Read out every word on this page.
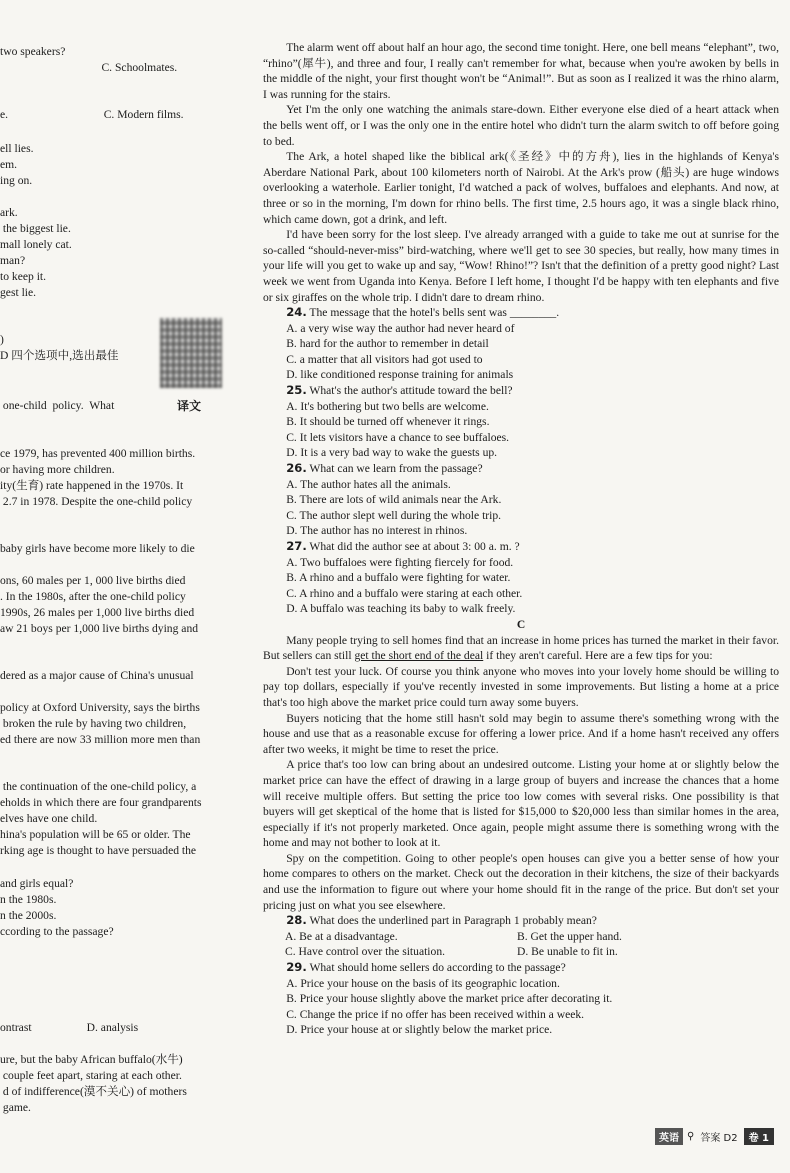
two speakers?
C. Schoolmates.
e.                                 C. Modern films.
ell lies.
em.
ing on.
ark.
the biggest lie.
mall lonely cat.
man?
to keep it.
gest lie.
)
D 四个选项中,选出最佳
one-child  policy.  What
ce 1979, has prevented 400 million births.
or having more children.
ity(生育) rate happened in the 1970s. It
2.7 in 1978. Despite the one-child policy
baby girls have become more likely to die
ons, 60 males per 1, 000 live births died
. In the 1980s, after the one-child policy
1990s, 26 males per 1,000 live births died
aw 21 boys per 1,000 live births dying and
dered as a major cause of China's unusual
policy at Oxford University, says the births
broken the rule by having two children,
ed there are now 33 million more men than
the continuation of the one-child policy, a
eholds in which there are four grandparents
elves have one child.
hina's population will be 65 or older. The
rking age is thought to have persuaded the
and girls equal?
n the 1980s.
n the 2000s.
ccording to the passage?
ontrast                   D. analysis
ure, but the baby African buffalo(水牛)
couple feet apart, staring at each other.
d of indifference(漠不关心) of mothers
game.
译文

The alarm went off about half an hour ago, the second time tonight. Here, one bell means “elephant”, two, “rhino”(犀牛), and three and four, I really can't remember for what, because when you're awoken by bells in the middle of the night, your first thought won't be “Animal!”. But as soon as I realized it was the rhino alarm, I was running for the stairs.

Yet I'm the only one watching the animals stare-down. Either everyone else died of a heart attack when the bells went off, or I was the only one in the entire hotel who didn't turn the alarm switch to off before going to bed.

The Ark, a hotel shaped like the biblical ark(《圣经》中的方舟), lies in the highlands of Kenya's Aberdare National Park, about 100 kilometers north of Nairobi. At the Ark's prow (船头) are huge windows overlooking a waterhole. Earlier tonight, I'd watched a pack of wolves, buffaloes and elephants. And now, at three or so in the morning, I'm down for rhino bells. The first time, 2.5 hours ago, it was a single black rhino, which came down, got a drink, and left.

I'd have been sorry for the lost sleep. I've already arranged with a guide to take me out at sunrise for the so-called “should-never-miss” bird-watching, where we'll get to see 30 species, but really, how many times in your life will you get to wake up and say, “Wow! Rhino!”? Isn't that the definition of a pretty good night? Last week we went from Uganda into Kenya. Before I left home, I thought I'd be happy with ten elephants and five or six giraffes on the whole trip. I didn't dare to dream rhino.

24. The message that the hotel's bells sent was ________.

A. a very wise way the author had never heard of

B. hard for the author to remember in detail

C. a matter that all visitors had got used to

D. like conditioned response training for animals

25. What's the author's attitude toward the bell?

A. It's bothering but two bells are welcome.

B. It should be turned off whenever it rings.

C. It lets visitors have a chance to see buffaloes.

D. It is a very bad way to wake the guests up.

26. What can we learn from the passage?

A. The author hates all the animals.

B. There are lots of wild animals near the Ark.

C. The author slept well during the whole trip.

D. The author has no interest in rhinos.

27. What did the author see at about 3: 00 a. m. ?

A. Two buffaloes were fighting fiercely for food.

B. A rhino and a buffalo were fighting for water.

C. A rhino and a buffalo were staring at each other.

D. A buffalo was teaching its baby to walk freely.

C

Many people trying to sell homes find that an increase in home prices has turned the market in their favor. But sellers can still get the short end of the deal if they aren't careful. Here are a few tips for you:

Don't test your luck. Of course you think anyone who moves into your lovely home should be willing to pay top dollars, especially if you've recently invested in some improvements. But listing a home at a price that's too high above the market price could turn away some buyers.

Buyers noticing that the home still hasn't sold may begin to assume there's something wrong with the house and use that as a reasonable excuse for offering a lower price. And if a home hasn't received any offers after two weeks, it might be time to reset the price.

A price that's too low can bring about an undesired outcome. Listing your home at or slightly below the market price can have the effect of drawing in a large group of buyers and increase the chances that a home will receive multiple offers. But setting the price too low comes with several risks. One possibility is that buyers will get skeptical of the home that is listed for $15,000 to $20,000 less than similar homes in the area, especially if it's not properly marketed. Once again, people might assume there is something wrong with the home and may not bother to look at it.

Spy on the competition. Going to other people's open houses can give you a better sense of how your home compares to others on the market. Check out the decoration in their kitchens, the size of their backyards and use the information to figure out where your home should fit in the range of the price. But don't set your pricing just on what you see elsewhere.

28. What does the underlined part in Paragraph 1 probably mean?

A. Be at a disadvantage.	B. Get the upper hand.
C. Have control over the situation.	D. Be unable to fit in.

29. What should home sellers do according to the passage?

A. Price your house on the basis of its geographic location.

B. Price your house slightly above the market price after decorating it.

C. Change the price if no offer has been received within a week.

D. Price your house at or slightly below the market price.

英语 ⚲ 答案 D2	卷 1
